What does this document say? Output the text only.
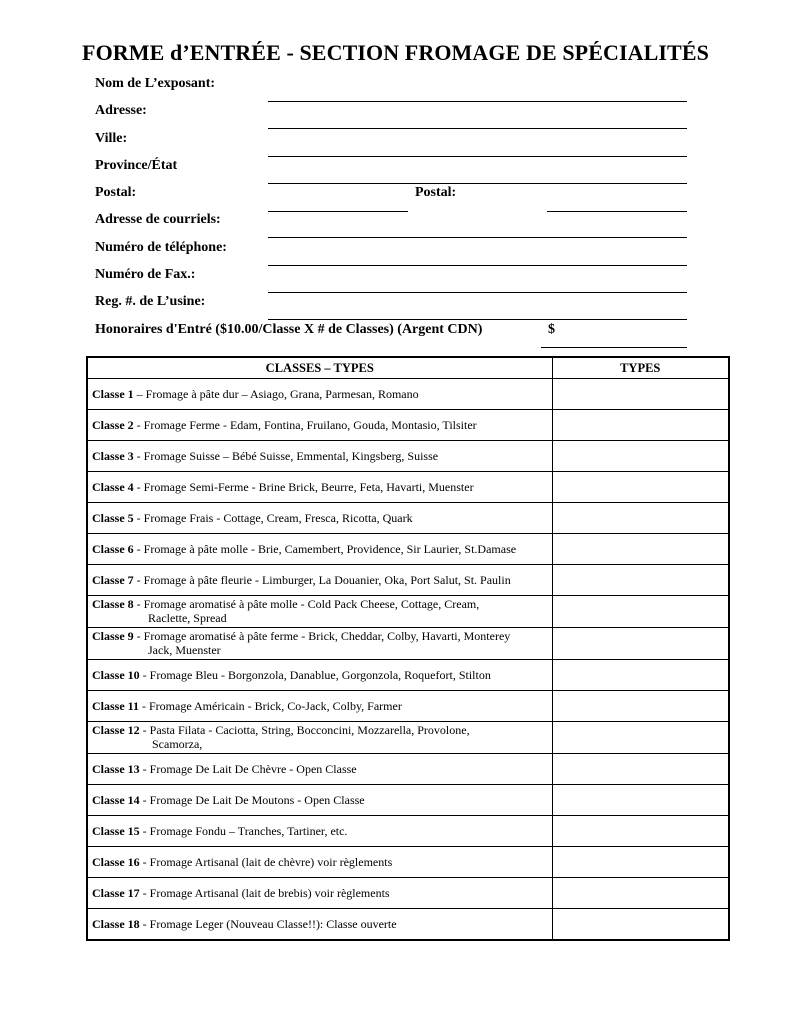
FORME d’ENTRÉE - SECTION FROMAGE DE SPÉCIALITÉS
Nom de L’exposant:
Adresse:
Ville:
Province/État
Postal:	Postal:
Adresse de courriels:
Numéro de téléphone:
Numéro de Fax.:
Reg. #. de L’usine:
Honoraires d'Entré ($10.00/Classe X # de Classes) (Argent CDN)	$
CLASSES – TYPES	TYPES
Classe 1 – Fromage à pâte dur – Asiago, Grana, Parmesan, Romano	
Classe 2 - Fromage Ferme - Edam, Fontina, Fruilano, Gouda, Montasio, Tilsiter	
Classe 3 - Fromage Suisse – Bébé Suisse, Emmental, Kingsberg, Suisse	
Classe 4 - Fromage Semi-Ferme - Brine Brick, Beurre, Feta, Havarti, Muenster	
Classe 5 - Fromage Frais - Cottage, Cream, Fresca, Ricotta, Quark	
Classe 6 - Fromage à pâte molle - Brie, Camembert, Providence, Sir Laurier, St.Damase	
Classe 7 - Fromage à pâte fleurie - Limburger, La Douanier, Oka, Port Salut, St. Paulin	
Classe 8 - Fromage aromatisé à pâte molle - Cold Pack Cheese, Cottage, Cream,
Raclette, Spread	

Classe 9 - Fromage aromatisé à pâte ferme - Brick, Cheddar, Colby, Havarti, Monterey
Jack, Muenster	

Classe 10 - Fromage Bleu - Borgonzola, Danablue, Gorgonzola, Roquefort, Stilton	
Classe 11 - Fromage Américain - Brick, Co-Jack, Colby, Farmer	
Classe 12 - Pasta Filata - Caciotta, String, Bocconcini, Mozzarella, Provolone,
Scamorza,	

Classe 13 - Fromage De Lait De Chèvre - Open Classe	
Classe 14 - Fromage De Lait De Moutons - Open Classe	
Classe 15 - Fromage Fondu – Tranches, Tartiner, etc.	
Classe 16 - Fromage Artisanal (lait de chèvre) voir règlements	
Classe 17 - Fromage Artisanal (lait de brebis) voir règlements	
Classe 18 - Fromage Leger (Nouveau Classe!!): Classe ouverte	
